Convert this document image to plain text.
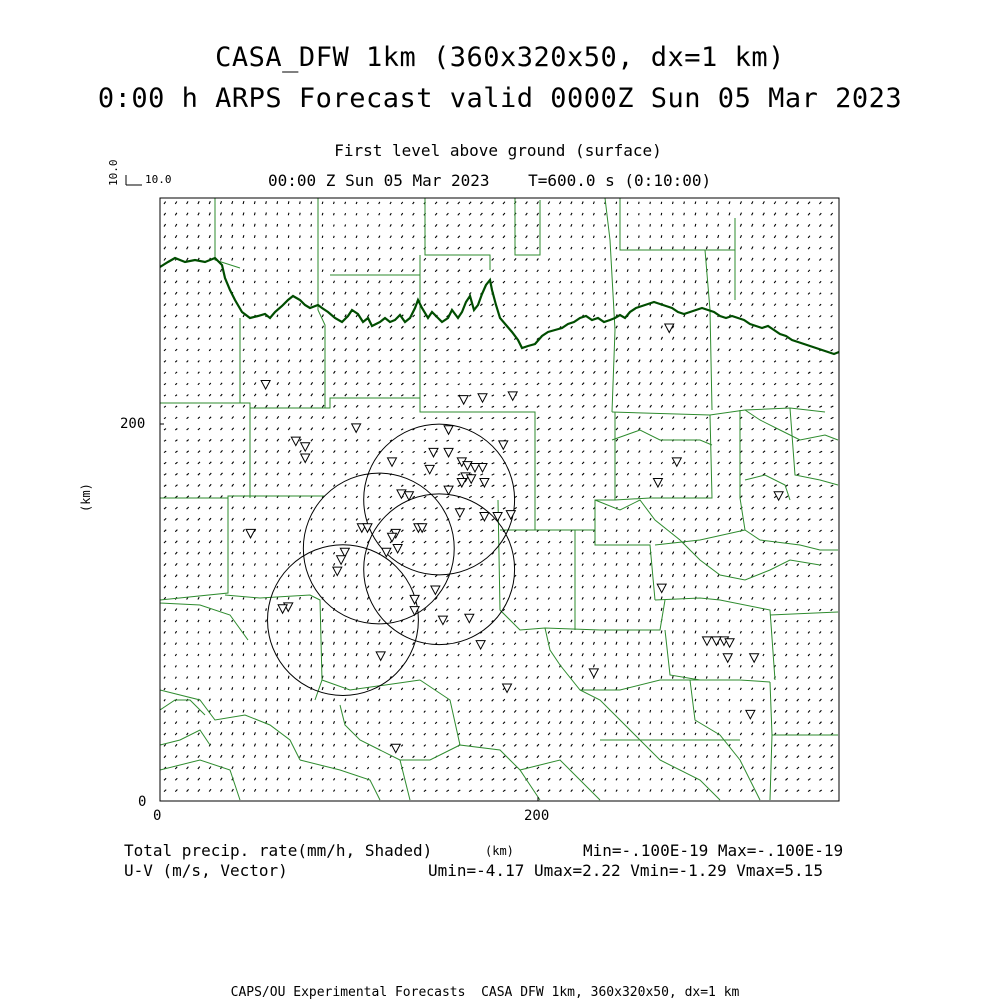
CASA_DFW 1km (360x320x50, dx=1 km)
0:00 h ARPS Forecast valid 0000Z Sun 05 Mar 2023
First level above ground (surface)
00:00 Z Sun 05 Mar 2023    T=600.0 s (0:10:00)
10.0
10.0
(km)
(km)
200
0
0	200
Total precip. rate(mm/h, Shaded)
U-V (m/s, Vector)
Min=-.100E-19 Max=-.100E-19
Umin=-4.17 Umax=2.22 Vmin=-1.29 Vmax=5.15
CAPS/OU Experimental Forecasts  CASA DFW 1km, 360x320x50, dx=1 km
